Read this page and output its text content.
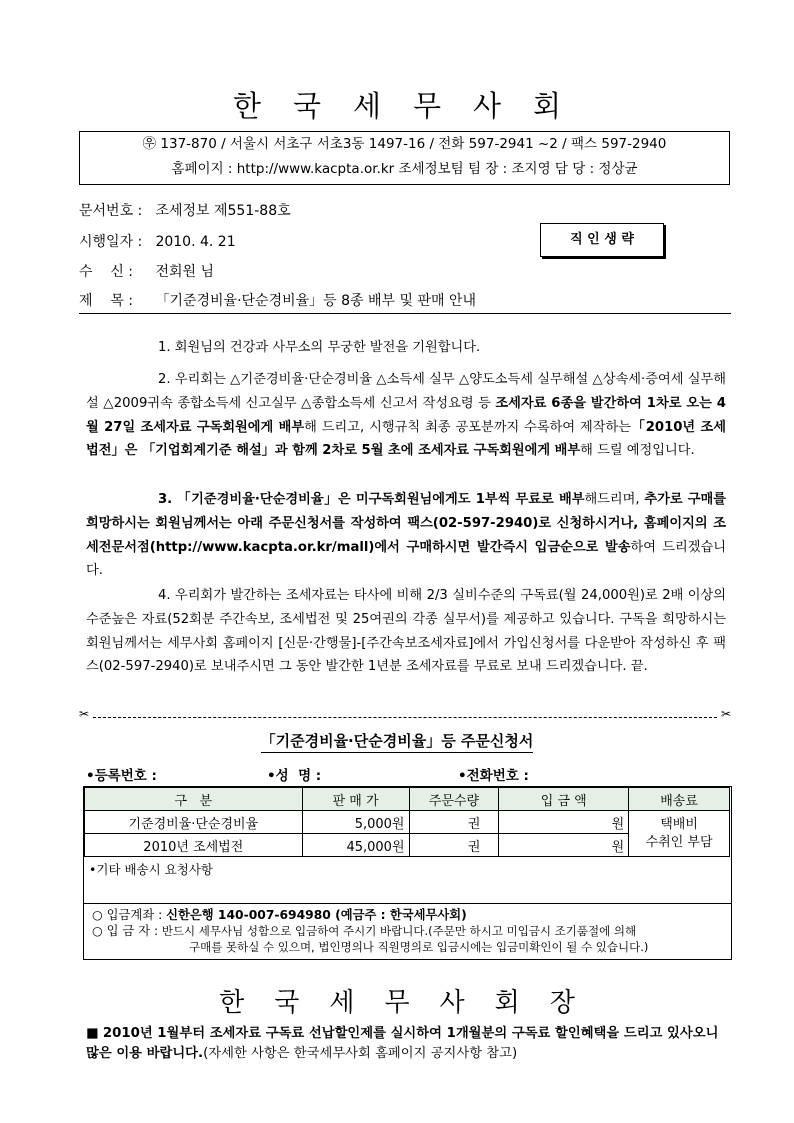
한국세무사회
㉾ 137-870 / 서울시 서초구 서초3동 1497-16 / 전화 597-2941 ~2 / 팩스 597-2940
홈페이지 : http://www.kacpta.or.kr 조세정보팀 팀 장 : 조지영 담 당 : 정상균
문서번호 : 조세정보 제551-88호
시행일자 : 2010. 4. 21	직 인 생 략
수    신 : 전회원 님
제    목 : 「기준경비율·단순경비율」등 8종 배부 및 판매 안내
1. 회원님의 건강과 사무소의 무궁한 발전을 기원합니다.
2. 우리회는 △기준경비율·단순경비율 △소득세 실무 △양도소득세 실무해설 △상속세·증여세 실무해설 △2009귀속 종합소득세 신고실무 △종합소득세 신고서 작성요령 등 조세자료 6종을 발간하여 1차로 오는 4월 27일 조세자료 구독회원에게 배부해 드리고, 시행규칙 최종 공포분까지 수록하여 제작하는「2010년 조세법전」은 「기업회계기준 해설」과 함께 2차로 5월 초에 조세자료 구독회원에게 배부해 드릴 예정입니다.
3. 「기준경비율·단순경비율」은 미구독회원님에게도 1부씩 무료로 배부해드리며, 추가로 구매를 희망하시는 회원님께서는 아래 주문신청서를 작성하여 팩스(02-597-2940)로 신청하시거나, 홈페이지의 조세전문서점(http://www.kacpta.or.kr/mall)에서 구매하시면 발간즉시 입금순으로 발송하여 드리겠습니다.
4. 우리회가 발간하는 조세자료는 타사에 비해 2/3 실비수준의 구독료(월 24,000원)로 2배 이상의 수준높은 자료(52회분 주간속보, 조세법전 및 25여권의 각종 실무서)를 제공하고 있습니다. 구독을 희망하시는 회원님께서는 세무사회 홈페이지 [신문·간행물]-[주간속보조세자료]에서 가입신청서를 다운받아 작성하신 후 팩스(02-597-2940)로 보내주시면 그 동안 발간한 1년분 조세자료를 무료로 보내 드리겠습니다. 끝.
✂	✂
「기준경비율·단순경비율」등 주문신청서
•등록번호 :	•성  명 :	•전화번호 :
구   분	판 매 가	주문수량	입 금 액	배송료
기준경비율·단순경비율	5,000원	권	원	택배비
수취인 부담

2010년 조세법전	45,000원	권	원	
•기타 배송시 요청사항
○ 입금계좌 : 신한은행 140-007-694980 (예금주 : 한국세무사회)
○ 입 금 자 : 반드시 세무사님 성함으로 입금하여 주시기 바랍니다.(주문만 하시고 미입금시 조기품절에 의해
구매를 못하실 수 있으며, 법인명의나 직원명의로 입금시에는 입금미확인이 될 수 있습니다.)
한국세무사회장
■ 2010년 1월부터 조세자료 구독료 선납할인제를 실시하여 1개월분의 구독료 할인혜택을 드리고 있사오니 많은 이용 바랍니다.(자세한 사항은 한국세무사회 홈페이지 공지사항 참고)
